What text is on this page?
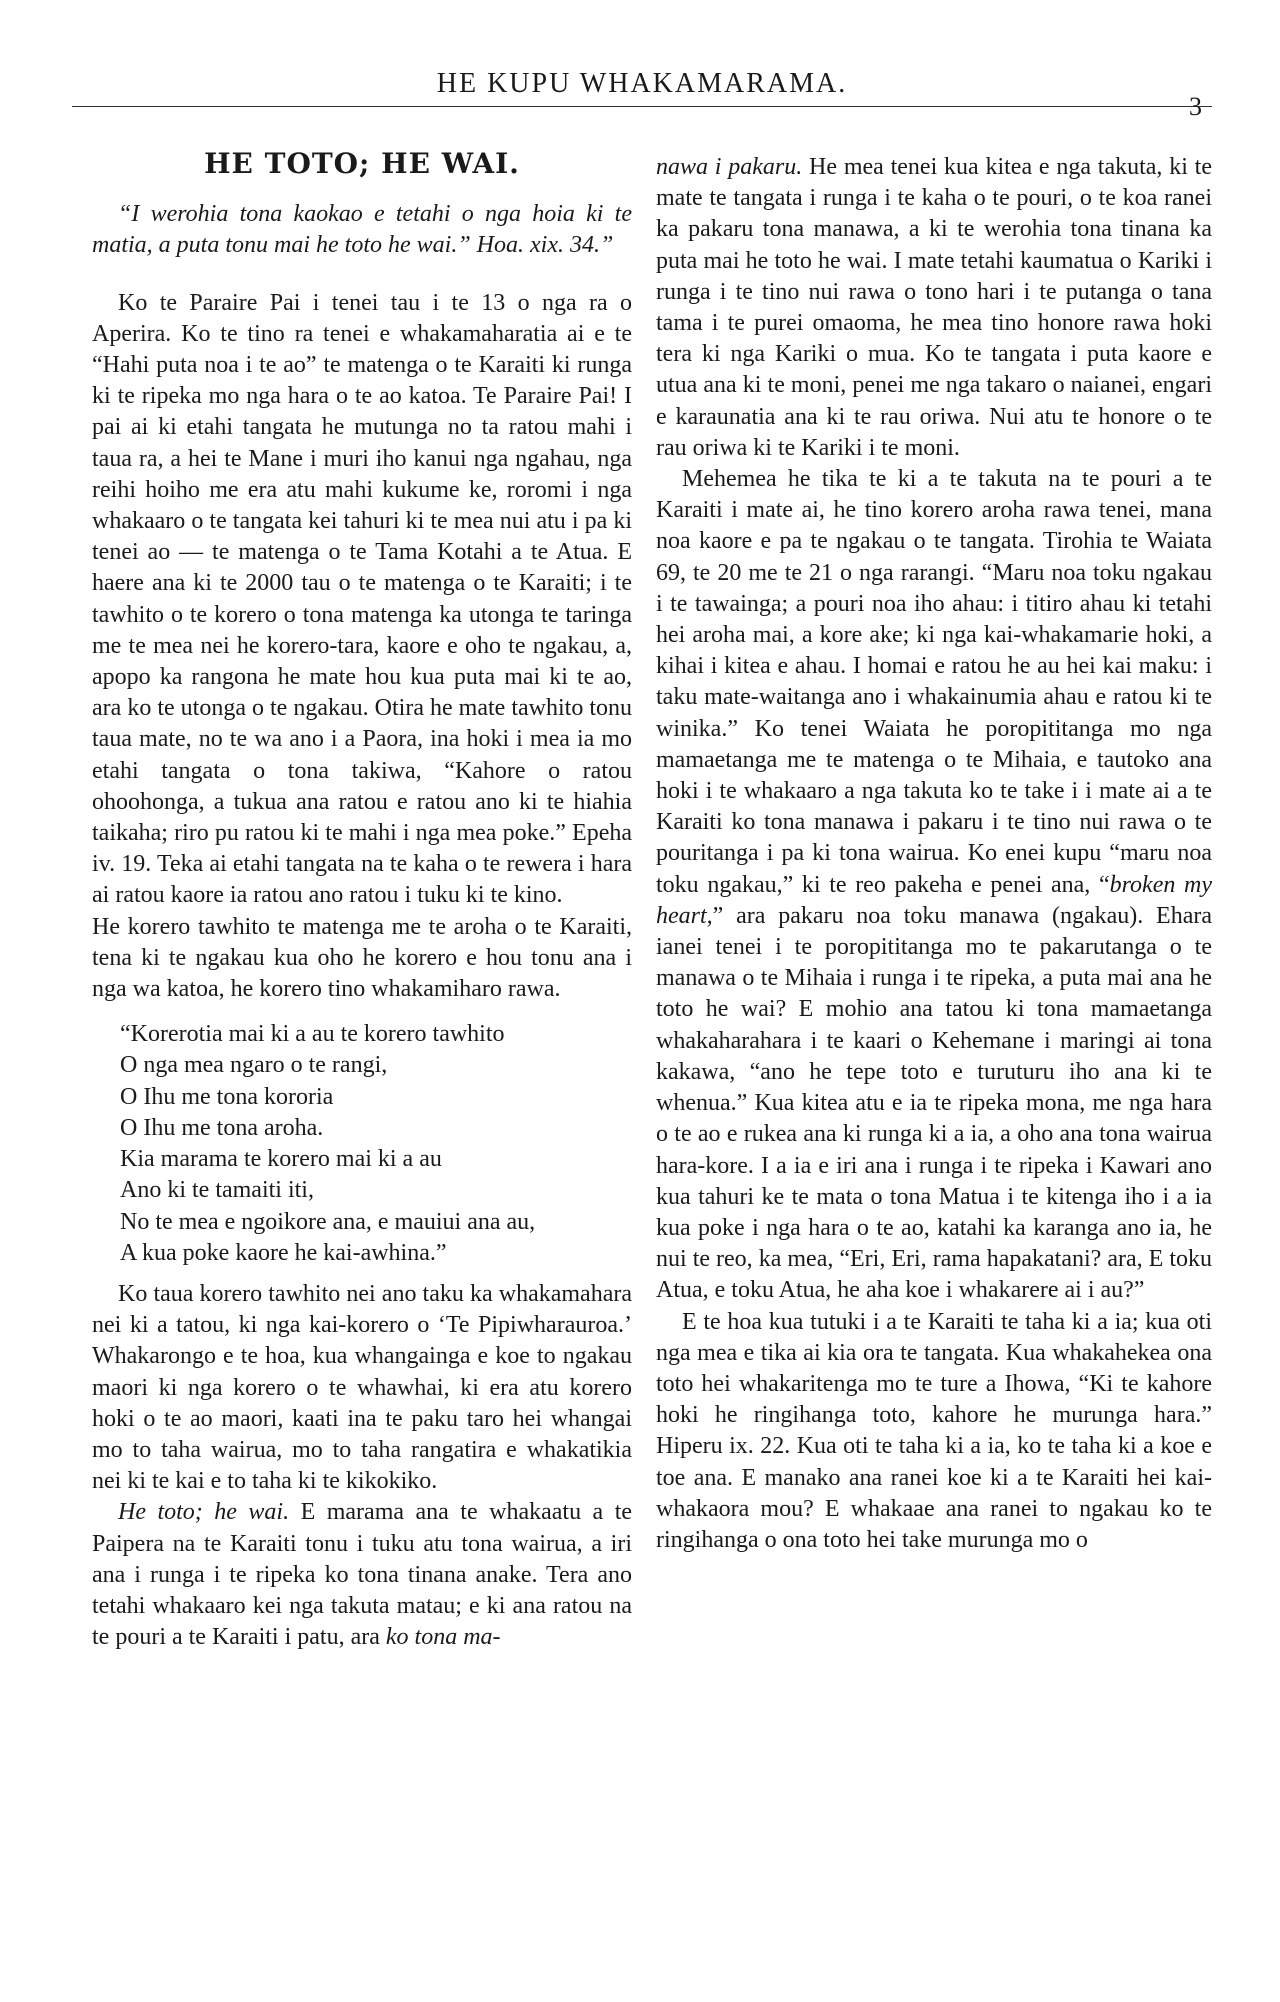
HE KUPU WHAKAMARAMA.
3
HE TOTO; HE WAI.

“I werohia tona kaokao e tetahi o nga hoia ki te matia, a puta tonu mai he toto he wai.” Hoa. xix. 34.”

Ko te Paraire Pai i tenei tau i te 13 o nga ra o Aperira. Ko te tino ra tenei e whakamaharatia ai e te “Hahi puta noa i te ao” te matenga o te Karaiti ki runga ki te ripeka mo nga hara o te ao katoa. Te Paraire Pai! I pai ai ki etahi tangata he mutunga no ta ratou mahi i taua ra, a hei te Mane i muri iho kanui nga ngahau, nga reihi hoiho me era atu mahi kukume ke, roromi i nga whakaaro o te tangata kei tahuri ki te mea nui atu i pa ki tenei ao — te matenga o te Tama Kotahi a te Atua. E haere ana ki te 2000 tau o te matenga o te Karaiti; i te tawhito o te korero o tona matenga ka utonga te taringa me te mea nei he korero-tara, kaore e oho te ngakau, a, apopo ka rangona he mate hou kua puta mai ki te ao, ara ko te utonga o te ngakau. Otira he mate tawhito tonu taua mate, no te wa ano i a Paora, ina hoki i mea ia mo etahi tangata o tona takiwa, “Kahore o ratou ohoohonga, a tukua ana ratou e ratou ano ki te hiahia taikaha; riro pu ratou ki te mahi i nga mea poke.” Epeha iv. 19. Teka ai etahi tangata na te kaha o te rewera i hara ai ratou kaore ia ratou ano ratou i tuku ki te kino.

He korero tawhito te matenga me te aroha o te Karaiti, tena ki te ngakau kua oho he korero e hou tonu ana i nga wa katoa, he korero tino whakamiharo rawa.

“Korerotia mai ki a au te korero tawhito
O nga mea ngaro o te rangi,
O Ihu me tona kororia
O Ihu me tona aroha.
Kia marama te korero mai ki a au
Ano ki te tamaiti iti,
No te mea e ngoikore ana, e mauiui ana au,
A kua poke kaore he kai-awhina.”

Ko taua korero tawhito nei ano taku ka whakamahara nei ki a tatou, ki nga kai-korero o ‘Te Pipiwharauroa.’ Whakarongo e te hoa, kua whangainga e koe to ngakau maori ki nga korero o te whawhai, ki era atu korero hoki o te ao maori, kaati ina te paku taro hei whangai mo to taha wairua, mo to taha rangatira e whakatikia nei ki te kai e to taha ki te kikokiko.

He toto; he wai. E marama ana te whakaatu a te Paipera na te Karaiti tonu i tuku atu tona wairua, a iri ana i runga i te ripeka ko tona tinana anake. Tera ano tetahi whakaaro kei nga takuta matau; e ki ana ratou na te pouri a te Karaiti i patu, ara ko tona ma-

nawa i pakaru. He mea tenei kua kitea e nga takuta, ki te mate te tangata i runga i te kaha o te pouri, o te koa ranei ka pakaru tona manawa, a ki te werohia tona tinana ka puta mai he toto he wai. I mate tetahi kaumatua o Kariki i runga i te tino nui rawa o tono hari i te putanga o tana tama i te purei omaoma, he mea tino honore rawa hoki tera ki nga Kariki o mua. Ko te tangata i puta kaore e utua ana ki te moni, penei me nga takaro o naianei, engari e karaunatia ana ki te rau oriwa. Nui atu te honore o te rau oriwa ki te Kariki i te moni.

Mehemea he tika te ki a te takuta na te pouri a te Karaiti i mate ai, he tino korero aroha rawa tenei, mana noa kaore e pa te ngakau o te tangata. Tirohia te Waiata 69, te 20 me te 21 o nga rarangi. “Maru noa toku ngakau i te tawainga; a pouri noa iho ahau: i titiro ahau ki tetahi hei aroha mai, a kore ake; ki nga kai-whakamarie hoki, a kihai i kitea e ahau. I homai e ratou he au hei kai maku: i taku mate-waitanga ano i whakainumia ahau e ratou ki te winika.” Ko tenei Waiata he poropititanga mo nga mamaetanga me te matenga o te Mihaia, e tautoko ana hoki i te whakaaro a nga takuta ko te take i i mate ai a te Karaiti ko tona manawa i pakaru i te tino nui rawa o te pouritanga i pa ki tona wairua. Ko enei kupu “maru noa toku ngakau,” ki te reo pakeha e penei ana, “broken my heart,” ara pakaru noa toku manawa (ngakau). Ehara ianei tenei i te poropititanga mo te pakarutanga o te manawa o te Mihaia i runga i te ripeka, a puta mai ana he toto he wai? E mohio ana tatou ki tona mamaetanga whakaharahara i te kaari o Kehemane i maringi ai tona kakawa, “ano he tepe toto e turuturu iho ana ki te whenua.” Kua kitea atu e ia te ripeka mona, me nga hara o te ao e rukea ana ki runga ki a ia, a oho ana tona wairua hara-kore. I a ia e iri ana i runga i te ripeka i Kawari ano kua tahuri ke te mata o tona Matua i te kitenga iho i a ia kua poke i nga hara o te ao, katahi ka karanga ano ia, he nui te reo, ka mea, “Eri, Eri, rama hapakatani? ara, E toku Atua, e toku Atua, he aha koe i whakarere ai i au?”

E te hoa kua tutuki i a te Karaiti te taha ki a ia; kua oti nga mea e tika ai kia ora te tangata. Kua whakahekea ona toto hei whakaritenga mo te ture a Ihowa, “Ki te kahore hoki he ringihanga toto, kahore he murunga hara.” Hiperu ix. 22. Kua oti te taha ki a ia, ko te taha ki a koe e toe ana. E manako ana ranei koe ki a te Karaiti hei kai-whakaora mou? E whakaae ana ranei to ngakau ko te ringihanga o ona toto hei take murunga mo o
